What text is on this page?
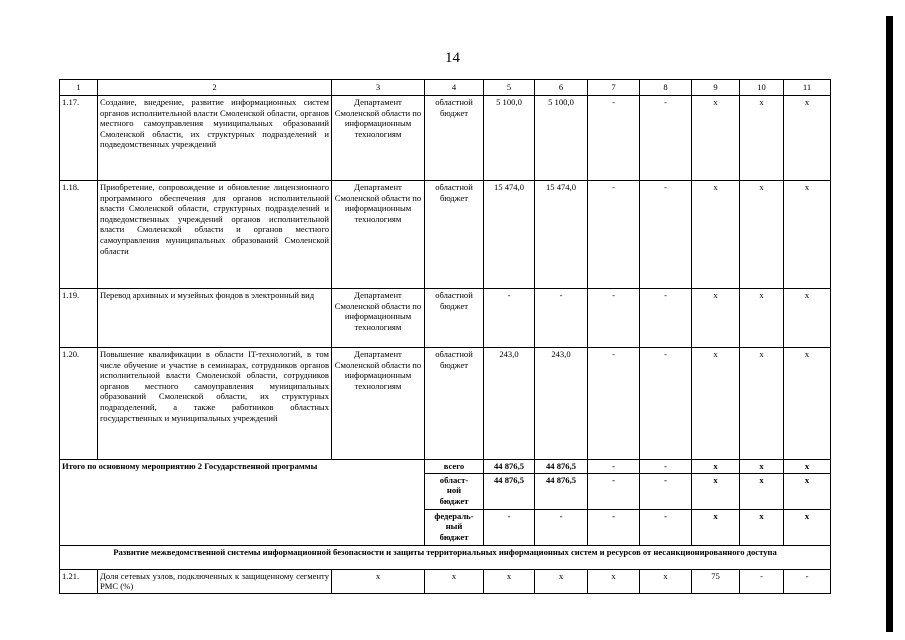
14
1	2	3	4	5	6	7	8	9	10	11
1.17.	Создание, внедрение, развитие информационных систем органов исполнительной власти Смоленской области, органов местного самоуправления муниципальных образований Смоленской области, их структурных подразделений и подведомственных учреждений	Департамент Смоленской области по информационным технологиям	областной бюджет	5 100,0	5 100,0	-	-	x	x	x
1.18.	Приобретение, сопровождение и обновление лицензионного программного обеспечения для органов исполнительной власти Смоленской области, структурных подразделений и подведомственных учреждений органов исполнительной власти Смоленской области и органов местного самоуправления муниципальных образований Смоленской области	Департамент Смоленской области по информационным технологиям	областной бюджет	15 474,0	15 474,0	-	-	x	x	x
1.19.	Перевод архивных и музейных фондов в электронный вид	Департамент Смоленской области по информационным технологиям	областной бюджет	-	-	-	-	x	x	x
1.20.	Повышение квалификации в области IT-технологий, в том числе обучение и участие в семинарах, сотрудников органов исполнительной власти Смоленской области, сотрудников органов местного самоуправления муниципальных образований Смоленской области, их структурных подразделений, а также работников областных государственных и муниципальных учреждений	Департамент Смоленской области по информационным технологиям	областной бюджет	243,0	243,0	-	-	x	x	x
Итого по основному мероприятию 2 Государственной программы			всего	44 876,5	44 876,5	-	-	x	x	x
			област-
ной
бюджет	44 876,5	44 876,5	-	-	x	x	x
			федераль-
ный
бюджет	-	-	-	-	x	x	x
Развитие межведомственной системы информационной безопасности и защиты территориальных информационных систем и ресурсов от несанкционированного доступа										
1.21.	Доля сетевых узлов, подключенных к защищенному сегменту РМС (%)	x	x	x	x	x	x	75	-	-
